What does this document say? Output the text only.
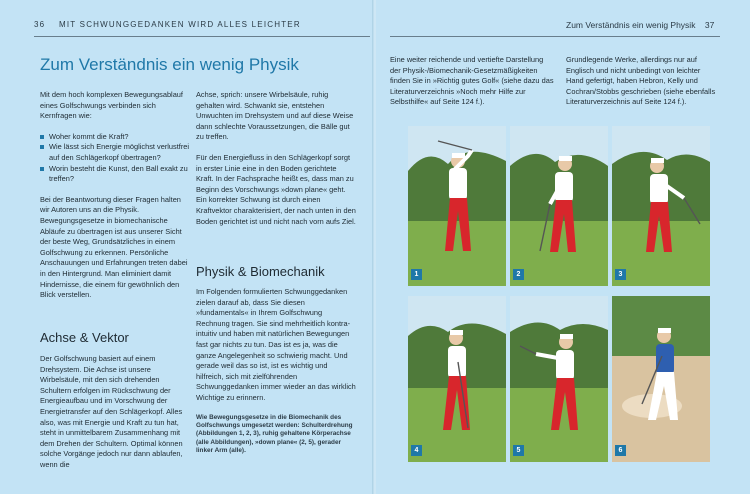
36 MIT SCHWUNGGEDANKEN WIRD ALLES LEICHTER
Zum Verständnis ein wenig Physik

Mit dem hoch komplexen Bewegungsablauf eines Golfschwungs verbinden sich Kernfragen wie:

Woher kommt die Kraft?
Wie lässt sich Energie möglichst verlustfrei auf den Schlägerkopf übertragen?
Worin besteht die Kunst, den Ball exakt zu treffen?

Bei der Beantwortung dieser Fragen halten wir Autoren uns an die Physik. Bewegungsgesetze in biomechanische Abläufe zu übertragen ist aus unserer Sicht der beste Weg, Grundsätzliches in einem Golfschwung zu erkennen. Persönliche Anschauungen und Erfahrungen treten dabei in den Hintergrund. Man eliminiert damit Hindernisse, die einem für gewöhnlich den Blick verstellen.

Achse & Vektor

Der Golfschwung basiert auf einem Drehsystem. Die Achse ist unsere Wirbelsäule, mit den sich drehenden Schultern erfolgen im Rückschwung der Energieaufbau und im Vorschwung der Energietransfer auf den Schlägerkopf. Alles also, was mit Energie und Kraft zu tun hat, steht in unmittelbarem Zusammenhang mit dem Drehen der Schultern. Optimal können solche Vorgänge jedoch nur dann ablaufen, wenn die

Achse, sprich: unsere Wirbelsäule, ruhig gehalten wird. Schwankt sie, entstehen Unwuchten im Drehsystem und auf diese Weise dann schlechte Voraussetzungen, die Bälle gut zu treffen.

Für den Energiefluss in den Schlägerkopf sorgt in erster Linie eine in den Boden gerichtete Kraft. In der Fachsprache heißt es, dass man zu Beginn des Vorschwungs »down plane« geht. Ein korrekter Schwung ist durch einen Kraftvektor charakterisiert, der nach unten in den Boden gerichtet ist und nicht nach vorn aufs Ziel.

Physik & Biomechanik

Im Folgenden formulierten Schwunggedanken zielen darauf ab, dass Sie diesen »fundamentals« in Ihrem Golfschwung Rechnung tragen. Sie sind mehrheitlich kontra-intuitiv und haben mit natürlichen Bewegungen fast gar nichts zu tun. Das ist es ja, was die ganze Angelegenheit so schwierig macht. Und gerade weil das so ist, ist es wichtig und hilfreich, sich mit zielführenden Schwunggedanken immer wieder an das wirklich Wichtige zu erinnern.

Wie Bewegungsgesetze in die Biomechanik des Golfschwungs umgesetzt werden: Schulterdrehung (Abbildungen 1, 2, 3), ruhig gehaltene Körperachse (alle Abbildungen), »down plane« (2, 5), gerader linker Arm (alle).

Zum Verständnis ein wenig Physik 37

Eine weiter reichende und vertiefte Darstellung der Physik-/Biomechanik-Gesetzmäßigkeiten finden Sie in »Richtig gutes Golf« (siehe dazu das Literaturverzeichnis »Noch mehr Hilfe zur Selbsthilfe« auf Seite 124 f.).

Grundlegende Werke, allerdings nur auf Englisch und nicht unbedingt von leichter Hand gefertigt, haben Hebron, Kelly und Cochran/Stobbs geschrieben (siehe ebenfalls Literaturverzeichnis auf Seite 124 f.).

1	2	3
4	5	6
